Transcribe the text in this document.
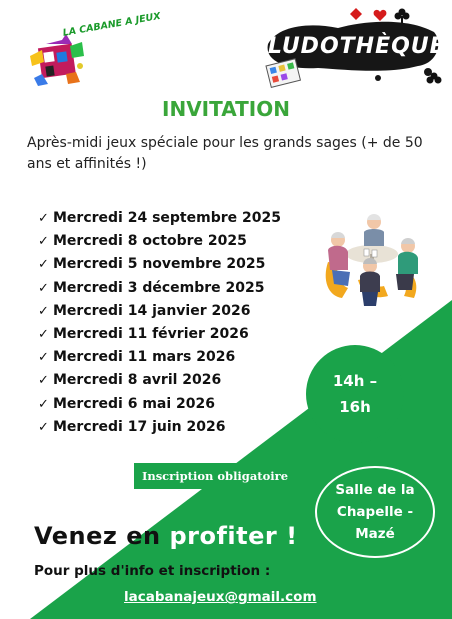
LA CABANE A JEUX
LUDOTHÈQUE
INVITATION
Après-midi jeux spéciale pour les grands sages (+ de 50 ans et affinités !)
✓ Mercredi 24 septembre 2025
✓ Mercredi 8 octobre 2025
✓ Mercredi 5 novembre 2025
✓ Mercredi 3 décembre 2025
✓ Mercredi 14 janvier 2026
✓ Mercredi 11 février 2026
✓ Mercredi 11 mars 2026
✓ Mercredi 8 avril 2026
✓ Mercredi 6 mai 2026
✓ Mercredi 17 juin 2026
14h –
16h
Inscription obligatoire
Salle de la Chapelle - Mazé
Venez en profiter !
Pour plus d'info et inscription :
lacabanajeux@gmail.com
